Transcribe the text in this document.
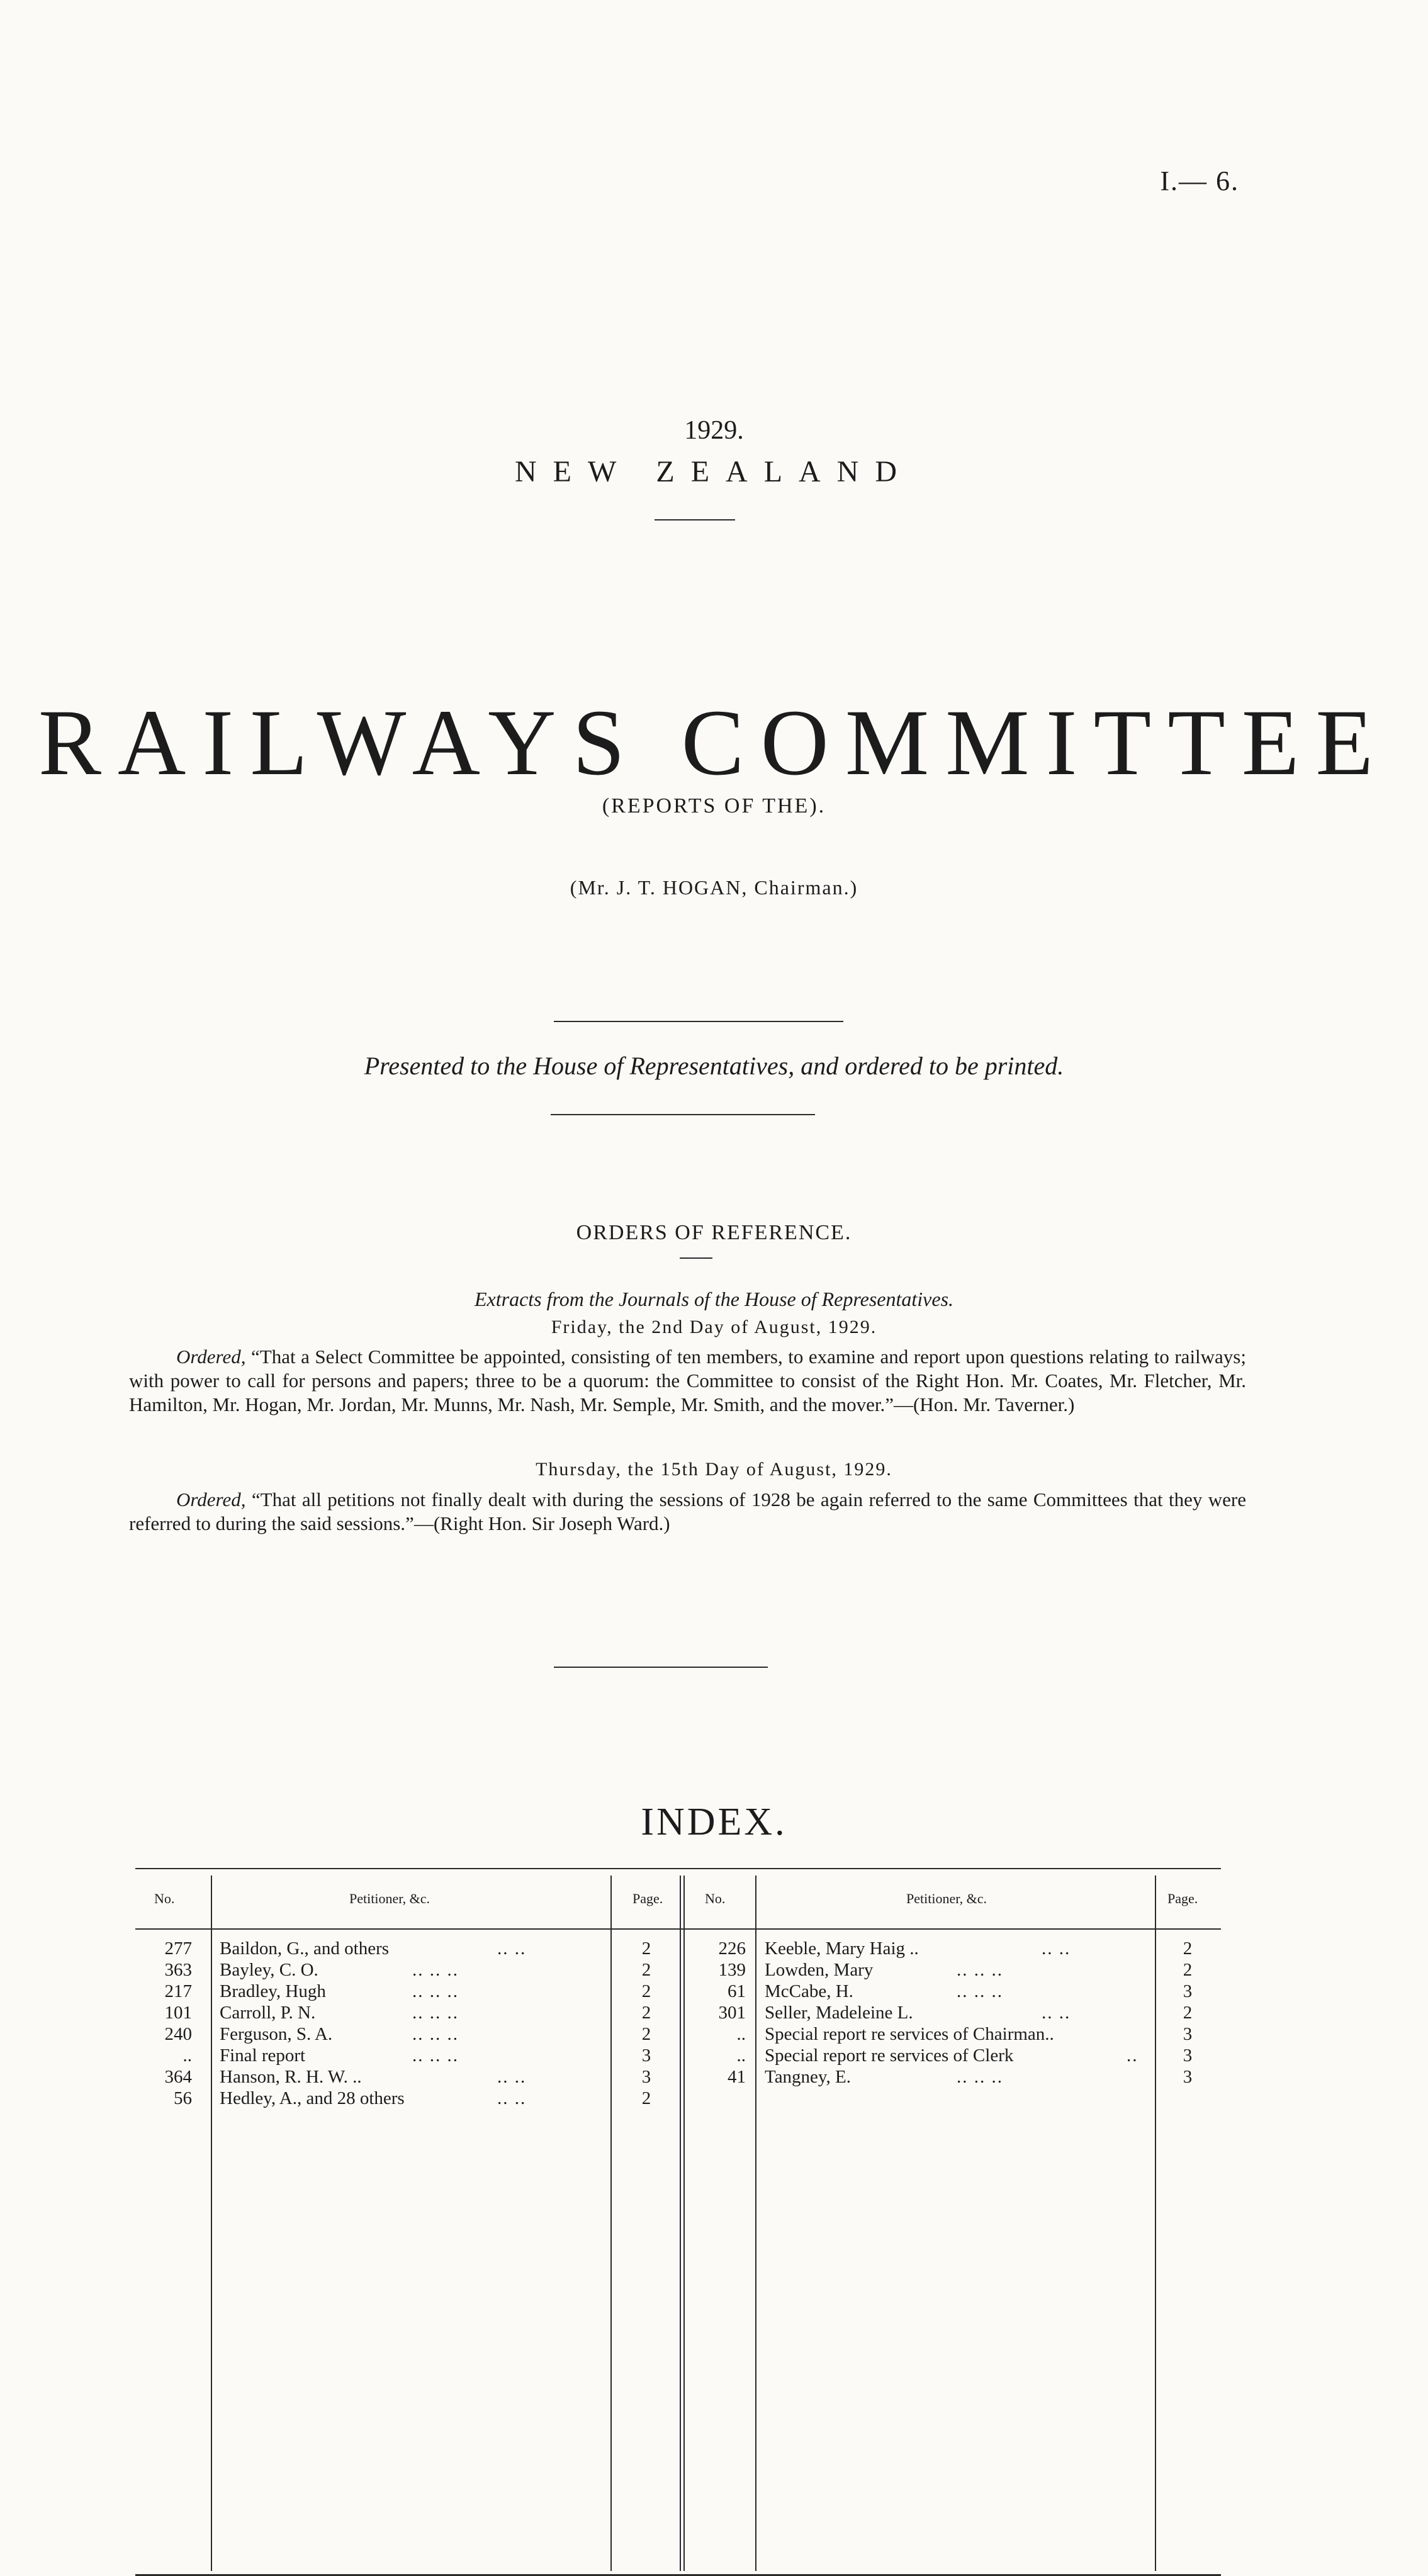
I.— 6.
1929.
NEW ZEALAND
RAILWAYS COMMITTEE
(REPORTS OF THE).
(Mr. J. T. HOGAN, Chairman.)
Presented to the House of Representatives, and ordered to be printed.
ORDERS OF REFERENCE.
Extracts from the Journals of the House of Representatives.
Friday, the 2nd Day of August, 1929.
Ordered, “That a Select Committee be appointed, consisting of ten members, to examine and report upon questions relating to railways; with power to call for persons and papers; three to be a quorum: the Committee to consist of the Right Hon. Mr. Coates, Mr. Fletcher, Mr. Hamilton, Mr. Hogan, Mr. Jordan, Mr. Munns, Mr. Nash, Mr. Semple, Mr. Smith, and the mover.”—(Hon. Mr. Taverner.)
Thursday, the 15th Day of August, 1929.
Ordered, “That all petitions not finally dealt with during the sessions of 1928 be again referred to the same Committees that they were referred to during the said sessions.”—(Right Hon. Sir Joseph Ward.)
INDEX.
No.	Petitioner, &c.	Page.	No.	Petitioner, &c.	Page.
277 Baildon, G., and others	.. ..	2
363 Bayley, C. O.	.. .. ..	2
217 Bradley, Hugh	.. .. ..	2
101 Carroll, P. N.	.. .. ..	2
240 Ferguson, S. A.	.. .. ..	2
.. Final report	.. .. ..	3
364 Hanson, R. H. W. ..	.. ..	3
56 Hedley, A., and 28 others	.. ..	2
226 Keeble, Mary Haig ..	.. ..	2
139 Lowden, Mary	.. .. ..	2
61 McCabe, H.	.. .. ..	3
301 Seller, Madeleine L.	.. ..	2
.. Special report re services of Chairman..	3
.. Special report re services of Clerk	..	3
41 Tangney, E.	.. .. ..	3
